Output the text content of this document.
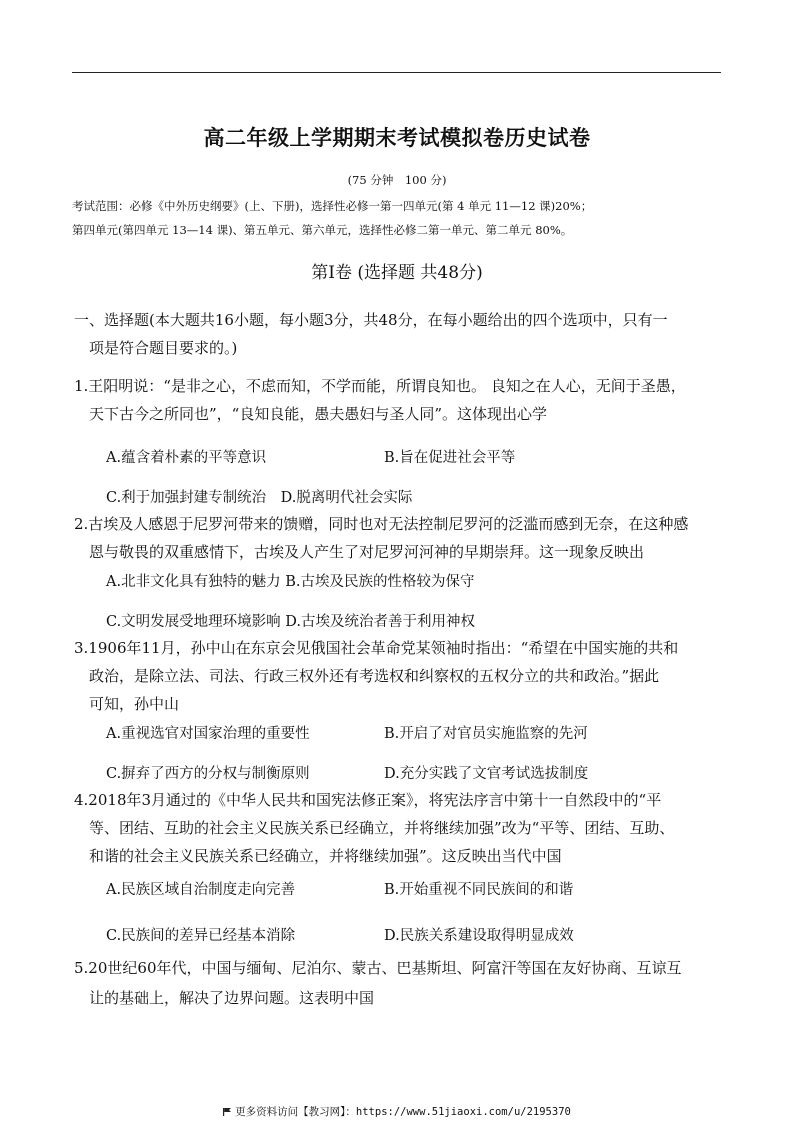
高二年级上学期期末考试模拟卷历史试卷
(75 分钟　100 分)
考试范围：必修《中外历史纲要》(上、下册)，选择性必修一第一四单元(第 4 单元 11—12 课)20%；
第四单元(第四单元 13—14 课)、第五单元、第六单元，选择性必修二第一单元、第二单元 80%。
第Ⅰ卷 (选择题 共48分)
一、选择题(本大题共16小题，每小题3分，共48分，在每小题给出的四个选项中，只有一
项是符合题目要求的。)
1.王阳明说：“是非之心，不虑而知，不学而能，所谓良知也。 良知之在人心，无间于圣愚，
天下古今之所同也”，“良知良能，愚夫愚妇与圣人同”。这体现出心学
A.蕴含着朴素的平等意识	B.旨在促进社会平等
C.利于加强封建专制统治　D.脱离明代社会实际
2.古埃及人感恩于尼罗河带来的馈赠，同时也对无法控制尼罗河的泛滥而感到无奈，在这种感
恩与敬畏的双重感情下，古埃及人产生了对尼罗河河神的早期崇拜。这一现象反映出
A.北非文化具有独特的魅力 B.古埃及民族的性格较为保守
C.文明发展受地理环境影响 D.古埃及统治者善于利用神权
3.1906年11月，孙中山在东京会见俄国社会革命党某领袖时指出：“希望在中国实施的共和
政治，是除立法、司法、行政三权外还有考选权和纠察权的五权分立的共和政治。”据此
可知，孙中山
A.重视选官对国家治理的重要性	B.开启了对官员实施监察的先河
C.摒弃了西方的分权与制衡原则	D.充分实践了文官考试选拔制度
4.2018年3月通过的《中华人民共和国宪法修正案》，将宪法序言中第十一自然段中的“平
等、团结、互助的社会主义民族关系已经确立，并将继续加强”改为“平等、团结、互助、
和谐的社会主义民族关系已经确立，并将继续加强”。这反映出当代中国
A.民族区域自治制度走向完善	B.开始重视不同民族间的和谐
C.民族间的差异已经基本消除	D.民族关系建设取得明显成效
5.20世纪60年代，中国与缅甸、尼泊尔、蒙古、巴基斯坦、阿富汗等国在友好协商、互谅互
让的基础上，解决了边界问题。这表明中国
更多资料访问【教习网】：https://www.51jiaoxi.com/u/2195370
